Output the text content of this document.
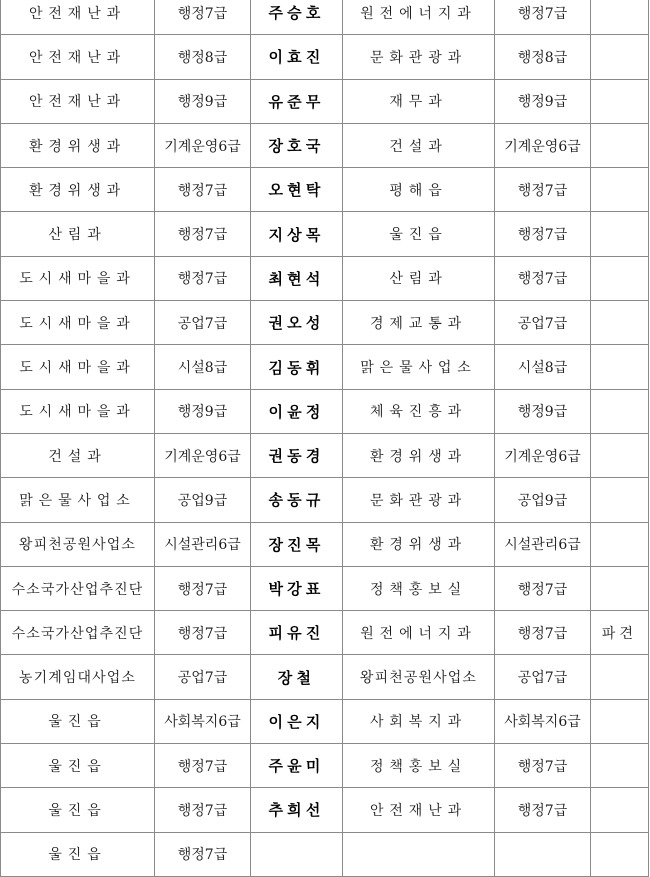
안전재난과	행정7급	주승호	원전에너지과	행정7급	
안전재난과	행정8급	이효진	문화관광과	행정8급	
안전재난과	행정9급	유준무	재무과	행정9급	
환경위생과	기계운영6급	장호국	건설과	기계운영6급	
환경위생과	행정7급	오현탁	평해읍	행정7급	
산림과	행정7급	지상목	울진읍	행정7급	
도시새마을과	행정7급	최현석	산림과	행정7급	
도시새마을과	공업7급	권오성	경제교통과	공업7급	
도시새마을과	시설8급	김동휘	맑은물사업소	시설8급	
도시새마을과	행정9급	이윤정	체육진흥과	행정9급	
건설과	기계운영6급	권동경	환경위생과	기계운영6급	
맑은물사업소	공업9급	송동규	문화관광과	공업9급	
왕피천공원사업소	시설관리6급	장진목	환경위생과	시설관리6급	
수소국가산업추진단	행정7급	박강표	정책홍보실	행정7급	
수소국가산업추진단	행정7급	피유진	원전에너지과	행정7급	파견
농기계임대사업소	공업7급	장철	왕피천공원사업소	공업7급	
울진읍	사회복지6급	이은지	사회복지과	사회복지6급	
울진읍	행정7급	주윤미	정책홍보실	행정7급	
울진읍	행정7급	추희선	안전재난과	행정7급	
울진읍	행정7급				
